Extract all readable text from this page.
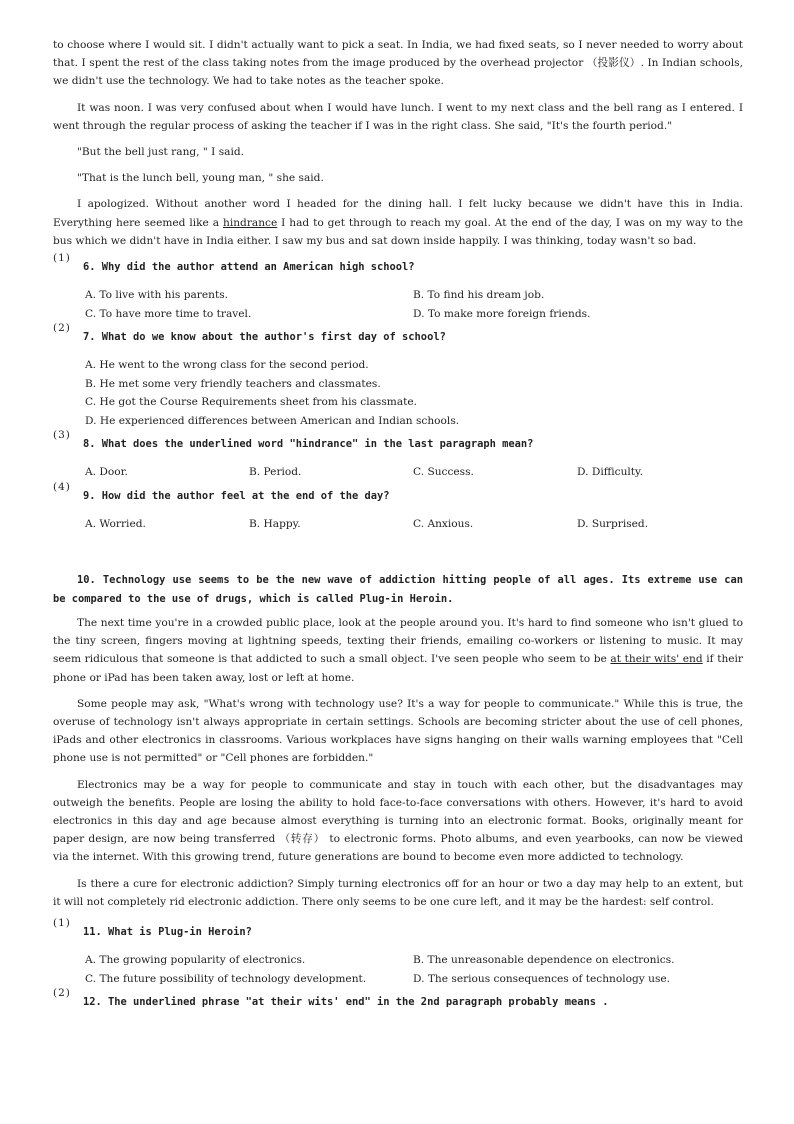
to choose where I would sit. I didn't actually want to pick a seat. In India, we had fixed seats, so I never needed to worry about that. I spent the rest of the class taking notes from the image produced by the overhead projector （投影仪）. In Indian schools, we didn't use the technology. We had to take notes as the teacher spoke.

It was noon. I was very confused about when I would have lunch. I went to my next class and the bell rang as I entered. I went through the regular process of asking the teacher if I was in the right class. She said, "It's the fourth period."

"But the bell just rang, " I said.

"That is the lunch bell, young man, " she said.

I apologized. Without another word I headed for the dining hall. I felt lucky because we didn't have this in India. Everything here seemed like a hindrance I had to get through to reach my goal. At the end of the day, I was on my way to the bus which we didn't have in India either. I saw my bus and sat down inside happily. I was thinking, today wasn't so bad.

(1)
6. Why did the author attend an American high school?
A. To live with his parents.	B. To find his dream job.
C. To have more time to travel.	D. To make more foreign friends.
(2)
7. What do we know about the author's first day of school?
A. He went to the wrong class for the second period.
B. He met some very friendly teachers and classmates.
C. He got the Course Requirements sheet from his classmate.
D. He experienced differences between American and Indian schools.
(3)
8. What does the underlined word "hindrance" in the last paragraph mean?
A. Door.	B. Period.	C. Success.	D. Difficulty.
(4)
9. How did the author feel at the end of the day?
A. Worried.	B. Happy.	C. Anxious.	D. Surprised.
10. Technology use seems to be the new wave of addiction hitting people of all ages. Its extreme use can be compared to the use of drugs, which is called Plug-in Heroin.

The next time you're in a crowded public place, look at the people around you. It's hard to find someone who isn't glued to the tiny screen, fingers moving at lightning speeds, texting their friends, emailing co-workers or listening to music. It may seem ridiculous that someone is that addicted to such a small object. I've seen people who seem to be at their wits' end if their phone or iPad has been taken away, lost or left at home.

Some people may ask, "What's wrong with technology use? It's a way for people to communicate." While this is true, the overuse of technology isn't always appropriate in certain settings. Schools are becoming stricter about the use of cell phones, iPads and other electronics in classrooms. Various workplaces have signs hanging on their walls warning employees that "Cell phone use is not permitted" or "Cell phones are forbidden."

Electronics may be a way for people to communicate and stay in touch with each other, but the disadvantages may outweigh the benefits. People are losing the ability to hold face-to-face conversations with others. However, it's hard to avoid electronics in this day and age because almost everything is turning into an electronic format. Books, originally meant for paper design, are now being transferred （转存） to electronic forms. Photo albums, and even yearbooks, can now be viewed via the internet. With this growing trend, future generations are bound to become even more addicted to technology.

Is there a cure for electronic addiction? Simply turning electronics off for an hour or two a day may help to an extent, but it will not completely rid electronic addiction. There only seems to be one cure left, and it may be the hardest: self control.

(1)
11. What is Plug-in Heroin?
A. The growing popularity of electronics.	B. The unreasonable dependence on electronics.
C. The future possibility of technology development.	D. The serious consequences of technology use.
(2)
12. The underlined phrase "at their wits' end" in the 2nd paragraph probably means .
